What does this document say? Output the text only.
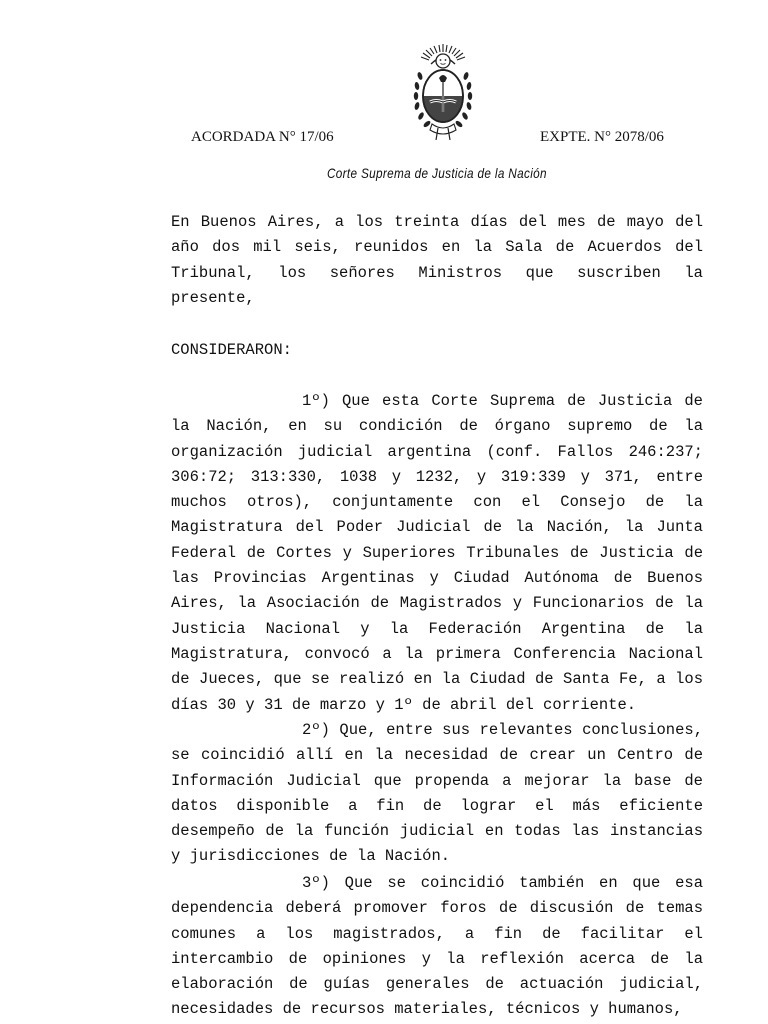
ACORDADA N° 17/06	EXPTE. N° 2078/06
Corte Suprema de Justicia de la Nación

En Buenos Aires, a los treinta días del mes de mayo del año dos mil seis, reunidos en la Sala de Acuerdos del Tribunal, los señores Ministros que suscriben la presente,

CONSIDERARON:

1º) Que esta Corte Suprema de Justicia de la Nación, en su condición de órgano supremo de la organización judicial argentina (conf. Fallos 246:237; 306:72; 313:330, 1038 y 1232, y 319:339 y 371, entre muchos otros), conjuntamente con el Consejo de la Magistratura del Poder Judicial de la Nación, la Junta Federal de Cortes y Superiores Tribunales de Justicia de las Provincias Argentinas y Ciudad Autónoma de Buenos Aires, la Asociación de Magistrados y Funcionarios de la Justicia Nacional y la Federación Argentina de la Magistratura, convocó a la primera Conferencia Nacional de Jueces, que se realizó en la Ciudad de Santa Fe, a los días 30 y 31 de marzo y 1º de abril del corriente.

2º) Que, entre sus relevantes conclusiones, se coincidió allí en la necesidad de crear un Centro de Información Judicial que propenda a mejorar la base de datos disponible a fin de lograr el más eficiente desempeño de la función judicial en todas las instancias y jurisdicciones de la Nación.

3º) Que se coincidió también en que esa dependencia deberá promover foros de discusión de temas comunes a los magistrados, a fin de facilitar el intercambio de opiniones y la reflexión acerca de la elaboración de guías generales de actuación judicial, necesidades de recursos materiales, técnicos y humanos,
